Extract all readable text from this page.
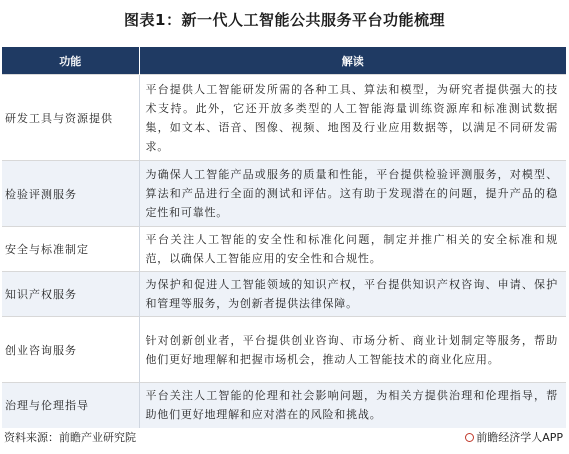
图表1：新一代人工智能公共服务平台功能梳理
功能	解读
研发工具与资源提供	平台提供人工智能研发所需的各种工具、算法和模型，为研究者提供强大的技术支持。此外，它还开放多类型的人工智能海量训练资源库和标准测试数据集，如文本、语音、图像、视频、地图及行业应用数据等，以满足不同研发需求。
检验评测服务	为确保人工智能产品或服务的质量和性能，平台提供检验评测服务，对模型、算法和产品进行全面的测试和评估。这有助于发现潜在的问题，提升产品的稳定性和可靠性。
安全与标准制定	平台关注人工智能的安全性和标准化问题，制定并推广相关的安全标准和规范，以确保人工智能应用的安全性和合规性。
知识产权服务	为保护和促进人工智能领域的知识产权，平台提供知识产权咨询、申请、保护和管理等服务，为创新者提供法律保障。
创业咨询服务	针对创新创业者，平台提供创业咨询、市场分析、商业计划制定等服务，帮助他们更好地理解和把握市场机会，推动人工智能技术的商业化应用。
治理与伦理指导	平台关注人工智能的伦理和社会影响问题，为相关方提供治理和伦理指导，帮助他们更好地理解和应对潜在的风险和挑战。
资料来源：前瞻产业研究院	前瞻经济学人APP
